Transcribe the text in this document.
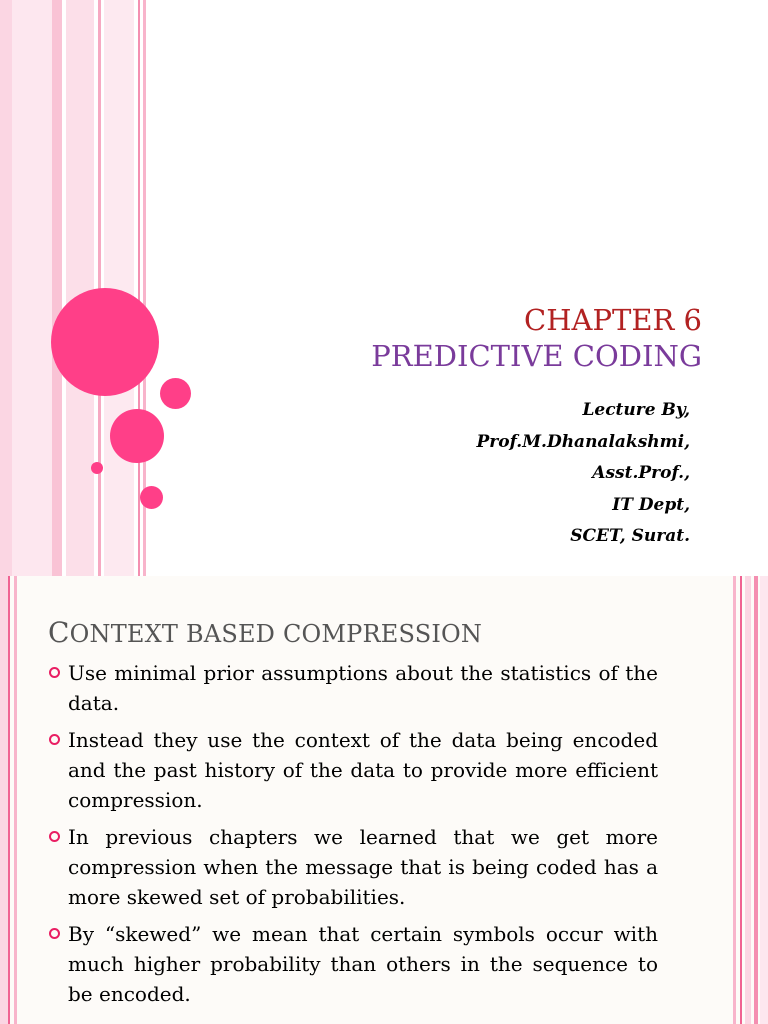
CHAPTER 6
PREDICTIVE CODING
Lecture By,
Prof.M.Dhanalakshmi,
Asst.Prof.,
IT Dept,
SCET, Surat.
CONTEXT BASED COMPRESSION
Use minimal prior assumptions about the statistics of the data.
Instead they use the context of the data being encoded and the past history of the data to provide more efficient compression.
In previous chapters we learned that we get more compression when the message that is being coded has a more skewed set of probabilities.
By “skewed” we mean that certain symbols occur with much higher probability than others in the sequence to be encoded.
